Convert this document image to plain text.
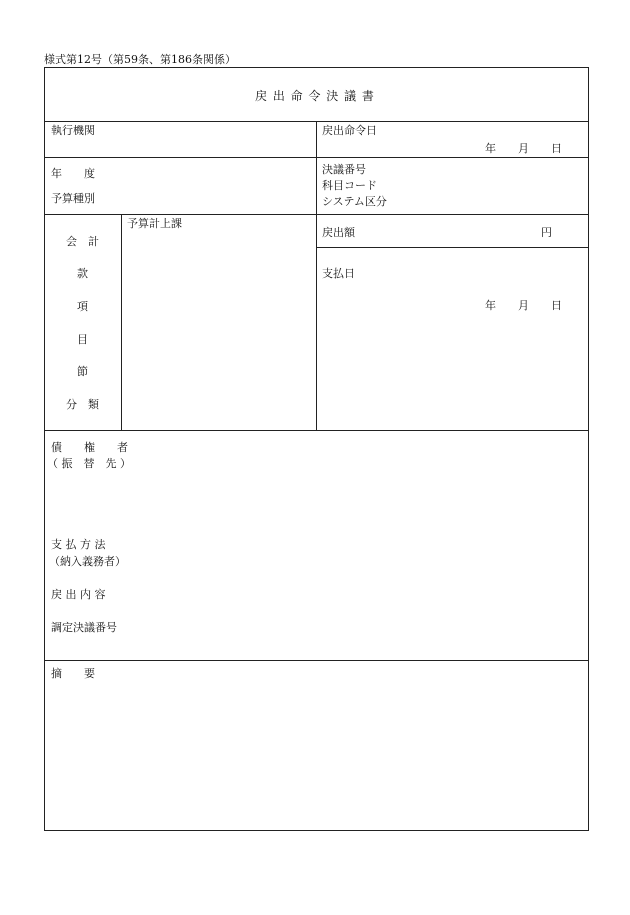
様式第12号（第59条、第186条関係）
戻 出 命 令 決 議 書
執行機関	戻出命令日
年 月 日
年　　度
予算種別
決議番号
科目コード
システム区分
会　計
款
項
目
節
分　類
予算計上課
戻出額	円
支払日
年 月 日
債　　権　　者
（ 振　替　先 ）
支 払 方 法
（納入義務者）
戻 出 内 容
調定決議番号
摘　　要
